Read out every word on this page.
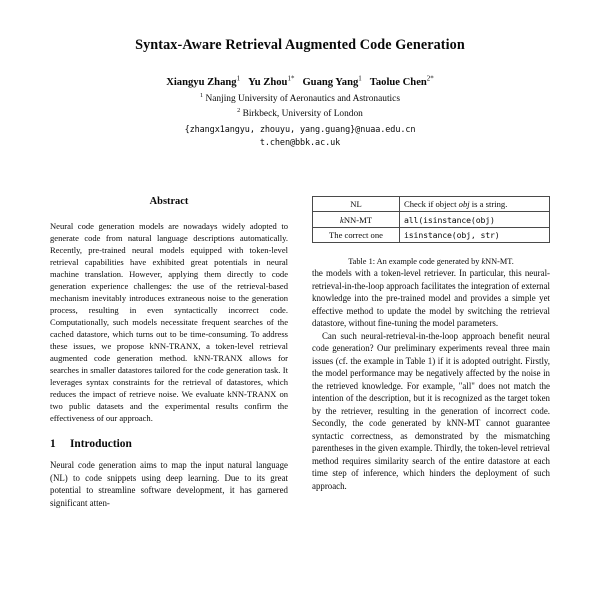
Syntax-Aware Retrieval Augmented Code Generation
Xiangyu Zhang$^1$ Yu Zhou$^{1*}$ Guang Yang$^1$ Taolue Chen$^{2*}$
$^1$ Nanjing University of Aeronautics and Astronautics
$^2$ Birkbeck, University of London
{zhangx1angyu, zhouyu, yang.guang}@nuaa.edu.cn
t.chen@bbk.ac.uk
Abstract

Neural code generation models are nowadays widely adopted to generate code from natural language descriptions automatically. Recently, pre-trained neural models equipped with token-level retrieval capabilities have exhibited great potentials in neural machine translation. However, applying them directly to code generation experience challenges: the use of the retrieval-based mechanism inevitably introduces extraneous noise to the generation process, resulting in even syntactically incorrect code. Computationally, such models necessitate frequent searches of the cached datastore, which turns out to be time-consuming. To address these issues, we propose kNN-TRANX, a token-level retrieval augmented code generation method. kNN-TRANX allows for searches in smaller datastores tailored for the code generation task. It leverages syntax constraints for the retrieval of datastores, which reduces the impact of retrieve noise. We evaluate kNN-TRANX on two public datasets and the experimental results confirm the effectiveness of our approach.

1 Introduction

Neural code generation aims to map the input natural language (NL) to code snippets using deep learning. Due to its great potential to streamline software development, it has garnered significant atten-

NL	Check if object obj is a string.
kNN-MT	all(isinstance(obj)
The correct one	isinstance(obj, str)
Table 1: An example code generated by kNN-MT.

the models with a token-level retriever. In particular, this neural-retrieval-in-the-loop approach facilitates the integration of external knowledge into the pre-trained model and provides a simple yet effective method to update the model by switching the retrieval datastore, without fine-tuning the model parameters.

Can such neural-retrieval-in-the-loop approach benefit neural code generation? Our preliminary experiments reveal three main issues (cf. the example in Table 1) if it is adopted outright. Firstly, the model performance may be negatively affected by the noise in the retrieved knowledge. For example, "all" does not match the intention of the description, but it is recognized as the target token by the retriever, resulting in the generation of incorrect code. Secondly, the code generated by kNN-MT cannot guarantee syntactic correctness, as demonstrated by the mismatching parentheses in the given example. Thirdly, the token-level retrieval method requires similarity search of the entire datastore at each time step of inference, which hinders the deployment of such approach.
